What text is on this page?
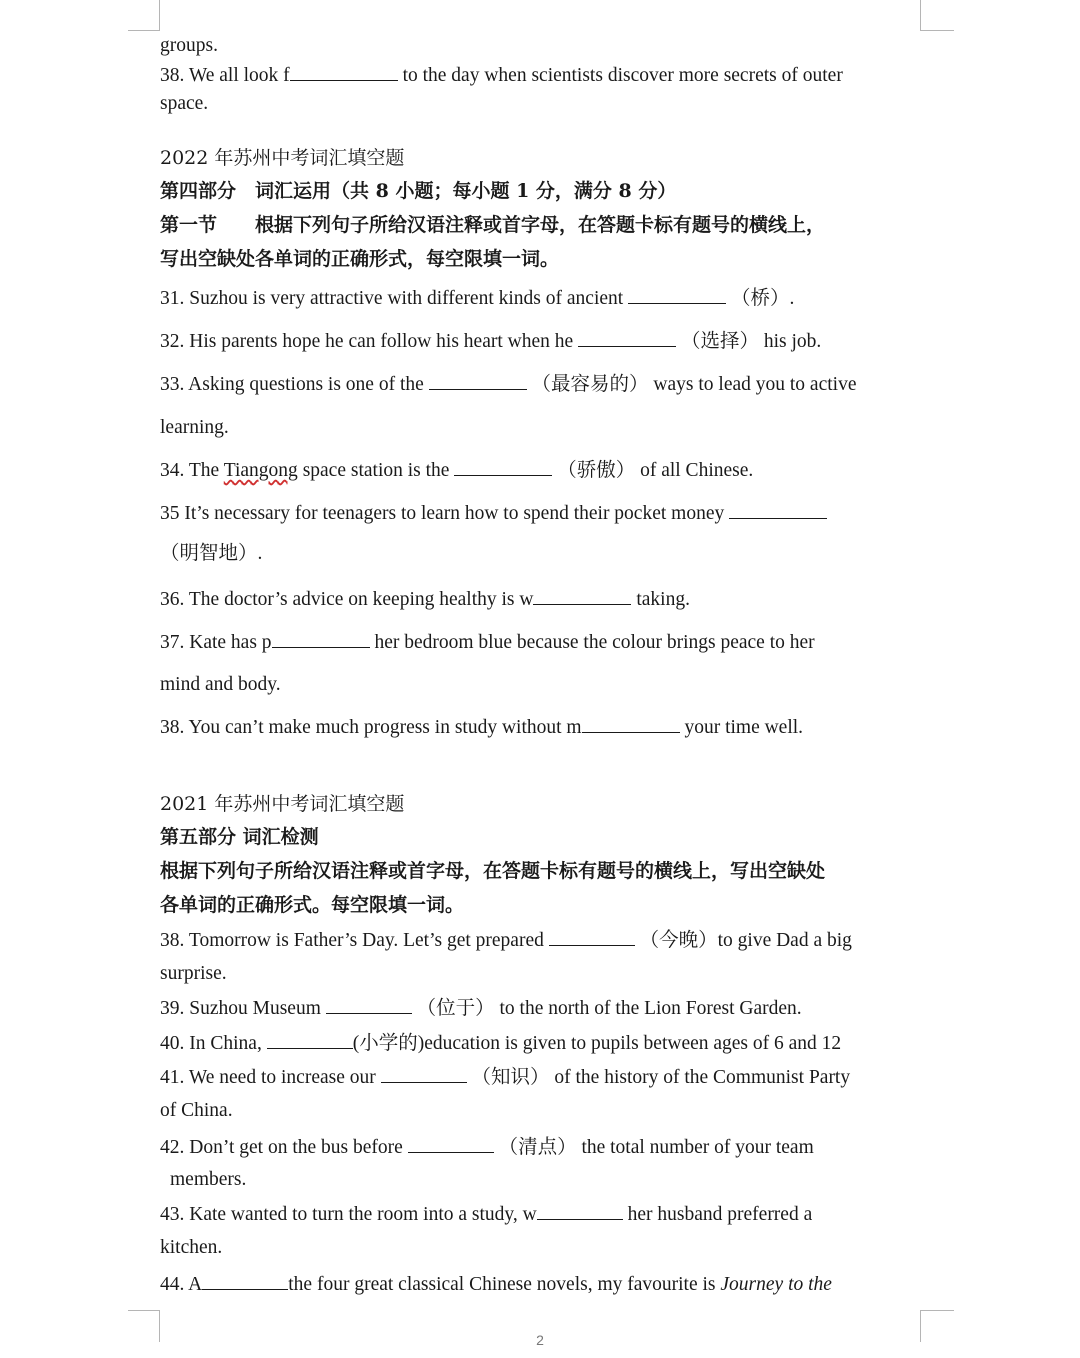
groups.
38. We all look f	to the day when scientists discover more secrets of outer
space.
2022 年苏州中考词汇填空题
第四部分　词汇运用（共 8 小题；每小题 1 分，满分 8 分）
第一节　　根据下列句子所给汉语注释或首字母，在答题卡标有题号的横线上，
写出空缺处各单词的正确形式，每空限填一词。
31. Suzhou is very attractive with different kinds of ancient	（桥）.
32. His parents hope he can follow his heart when he	（选择） his job.
33. Asking questions is one of the	（最容易的） ways to lead you to active
learning.
34. The Tiangong space station is the	（骄傲） of all Chinese.
35 It’s necessary for teenagers to learn how to spend their pocket money
（明智地）.
36. The doctor’s advice on keeping healthy is w	taking.
37. Kate has p	her bedroom blue because the colour brings peace to her
mind and body.
38. You can’t make much progress in study without m	your time well.
2021 年苏州中考词汇填空题
第五部分 词汇检测
根据下列句子所给汉语注释或首字母，在答题卡标有题号的横线上，写出空缺处
各单词的正确形式。每空限填一词。
38. Tomorrow is Father’s Day. Let’s get prepared	（今晚）to give Dad a big
surprise.
39. Suzhou Museum	（位于） to the north of the Lion Forest Garden.
40. In China,	(小学的)education is given to pupils between ages of 6 and 12
41. We need to increase our	（知识） of the history of the Communist Party
of China.
42. Don’t get on the bus before	（清点） the total number of your team
members.
43. Kate wanted to turn the room into a study, w	her husband preferred a
kitchen.
44. A	the four great classical Chinese novels, my favourite is Journey to the
2
